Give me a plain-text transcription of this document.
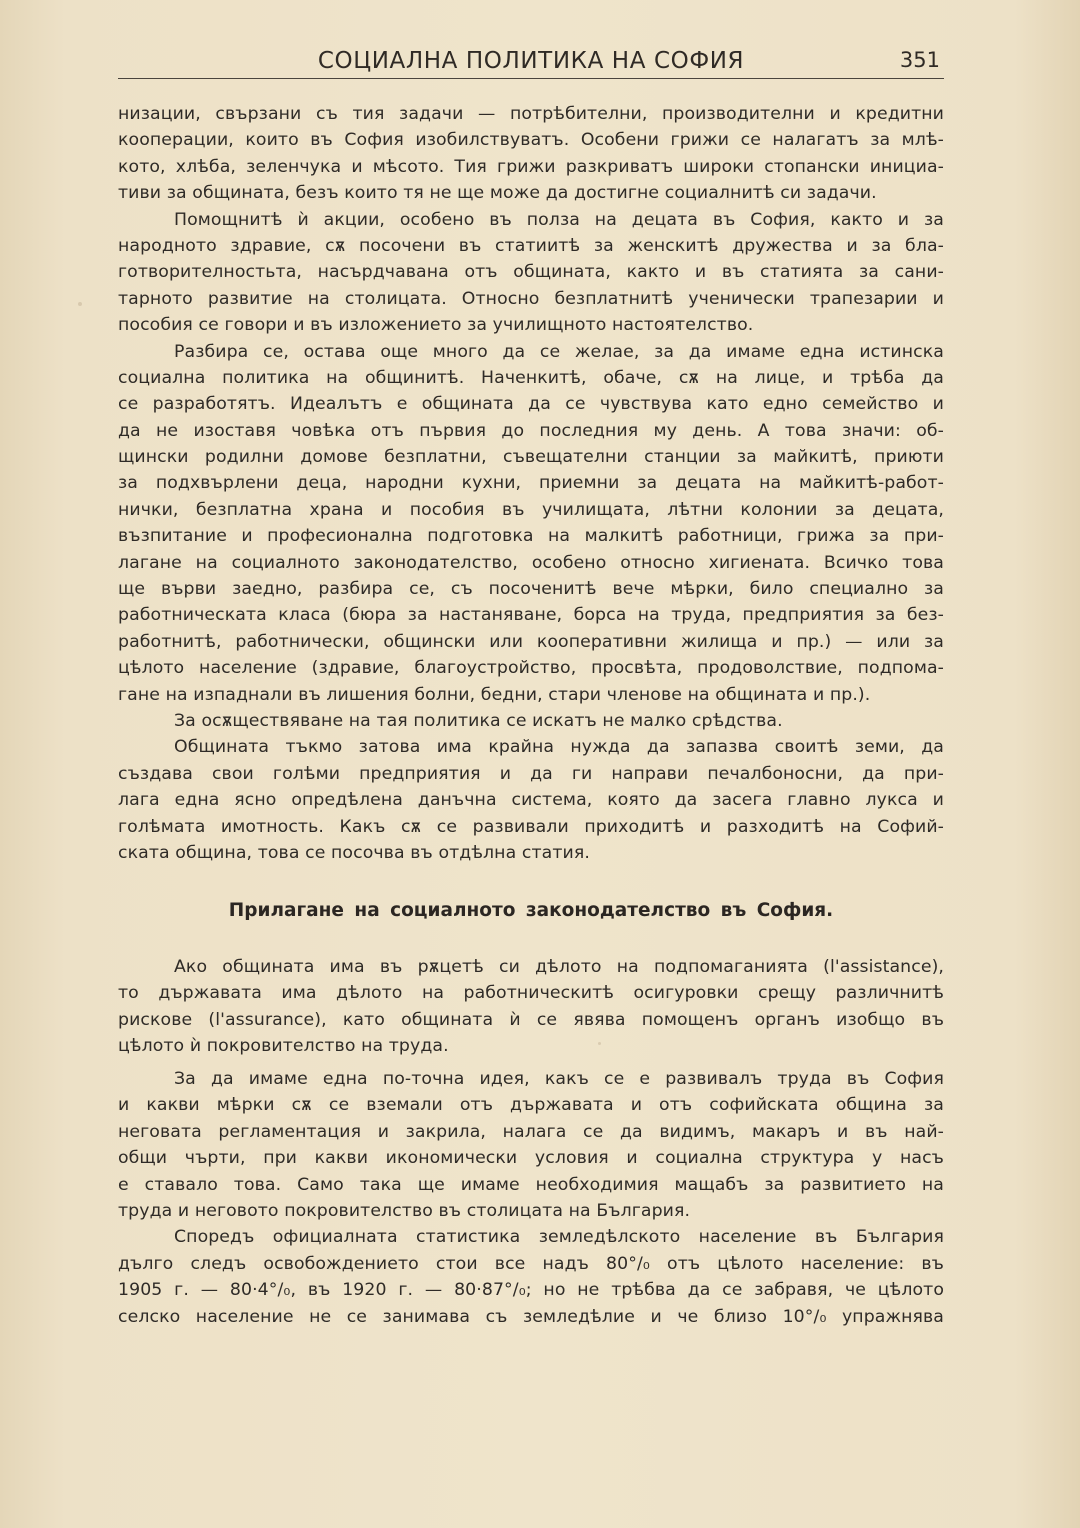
СОЦИАЛНА ПОЛИТИКА НА СОФИЯ	351
низации, свързани съ тия задачи — потрѣбителни, производителни и кредитни
кооперации, които въ София изобилствуватъ. Особени грижи се налагатъ за млѣ-
кото, хлѣба, зеленчука и мѣсото. Тия грижи разкриватъ широки стопански инициа-
тиви за общината, безъ които тя не ще може да достигне социалнитѣ си задачи.
Помощнитѣ ѝ акции, особено въ полза на децата въ София, както и за
народното здравие, сѫ посочени въ статиитѣ за женскитѣ дружества и за бла-
готворителностьта, насърдчавана отъ общината, както и въ статията за сани-
тарното развитие на столицата. Относно безплатнитѣ ученически трапезарии и
пособия се говори и въ изложението за училищното настоятелство.
Разбира се, остава още много да се желае, за да имаме една истинска
социална политика на общинитѣ. Наченкитѣ, обаче, сѫ на лице, и трѣба да
се разработятъ. Идеалътъ е общината да се чувствува като едно семейство и
да не изоставя човѣка отъ първия до последния му день. А това значи: об-
щински родилни домове безплатни, съвещателни станции за майкитѣ, приюти
за подхвърлени деца, народни кухни, приемни за децата на майкитѣ-работ-
нички, безплатна храна и пособия въ училищата, лѣтни колонии за децата,
възпитание и професионална подготовка на малкитѣ работници, грижа за при-
лагане на социалното законодателство, особено относно хигиената. Всичко това
ще върви заедно, разбира се, съ посоченитѣ вече мѣрки, било специално за
работническата класа (бюра за настаняване, борса на труда, предприятия за без-
работнитѣ, работнически, общински или кооперативни жилища и пр.) — или за
цѣлото население (здравие, благоустройство, просвѣта, продоволствие, подпома-
гане на изпаднали въ лишения болни, бедни, стари членове на общината и пр.).
За осѫществяване на тая политика се искатъ не малко срѣдства.
Общината тъкмо затова има крайна нужда да запазва своитѣ земи, да
създава свои голѣми предприятия и да ги направи печалбоносни, да при-
лага една ясно опредѣлена данъчна система, която да засега главно лукса и
голѣмата имотность. Какъ сѫ се развивали приходитѣ и разходитѣ на Софий-
ската община, това се посочва въ отдѣлна статия.
Прилагане на социалното законодателство въ София.
Ако общината има въ рѫцетѣ си дѣлото на подпомаганията (l'assistance),
то държавата има дѣлото на работническитѣ осигуровки срещу различнитѣ
рискове (l'assurance), като общината ѝ се явява помощенъ органъ изобщо въ
цѣлото ѝ покровителство на труда.
За да имаме една по-точна идея, какъ се е развивалъ труда въ София
и какви мѣрки сѫ се вземали отъ държавата и отъ софийската община за
неговата регламентация и закрила, налага се да видимъ, макаръ и въ най-
общи чърти, при какви икономически условия и социална структура у насъ
е ставало това. Само така ще имаме необходимия мащабъ за развитието на
труда и неговото покровителство въ столицата на България.
Споредъ официалната статистика земледѣлското население въ България
дълго следъ освобождението стои все надъ 80°/₀ отъ цѣлото население: въ
1905 г. — 80·4°/₀, въ 1920 г. — 80·87°/₀; но не трѣбва да се забравя, че цѣлото
селско население не се занимава съ земледѣлие и че близо 10°/₀ упражнява
